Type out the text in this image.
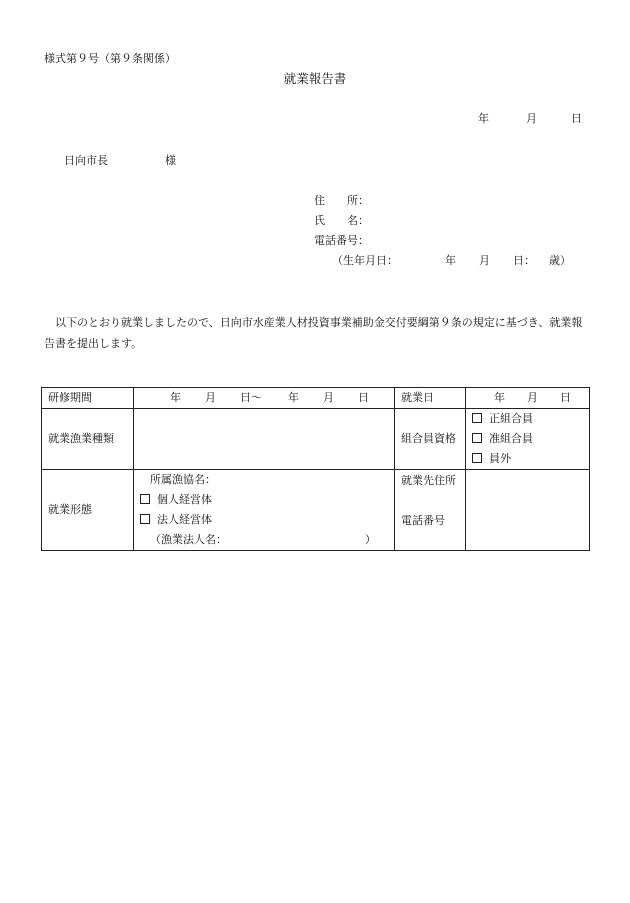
様式第９号（第９条関係）
就業報告書
年	月	日
日向市長	様
住　　所：
氏　　名：
電話番号：
（生年月日：	年 月 日： 歳）
以下のとおり就業しましたので、日向市水産業人材投資事業補助金交付要綱第９条の規定に基づき、就業報告書を提出します。
研修期間	年 月 日～ 年 月 日	就業日	年 月 日
就業漁業種類		組合員資格	正組合員
准組合員
員外

就業形態	所属漁協名：
個人経営体
法人経営体
（漁業法人名： ）	就業先住所
電話番号	
